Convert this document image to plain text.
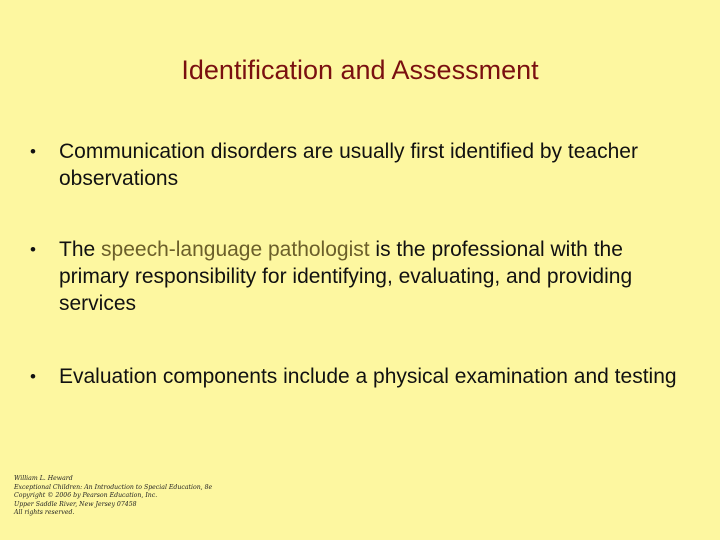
Identification and Assessment
•	Communication disorders are usually first identified by teacher observations
•	The speech-language pathologist is the professional with the primary responsibility for identifying, evaluating, and providing services
•	Evaluation components include a physical examination and testing
William L. Heward
Exceptional Children: An Introduction to Special Education, 8e
Copyright © 2006 by Pearson Education, Inc.
Upper Saddle River, New Jersey 07458
All rights reserved.
